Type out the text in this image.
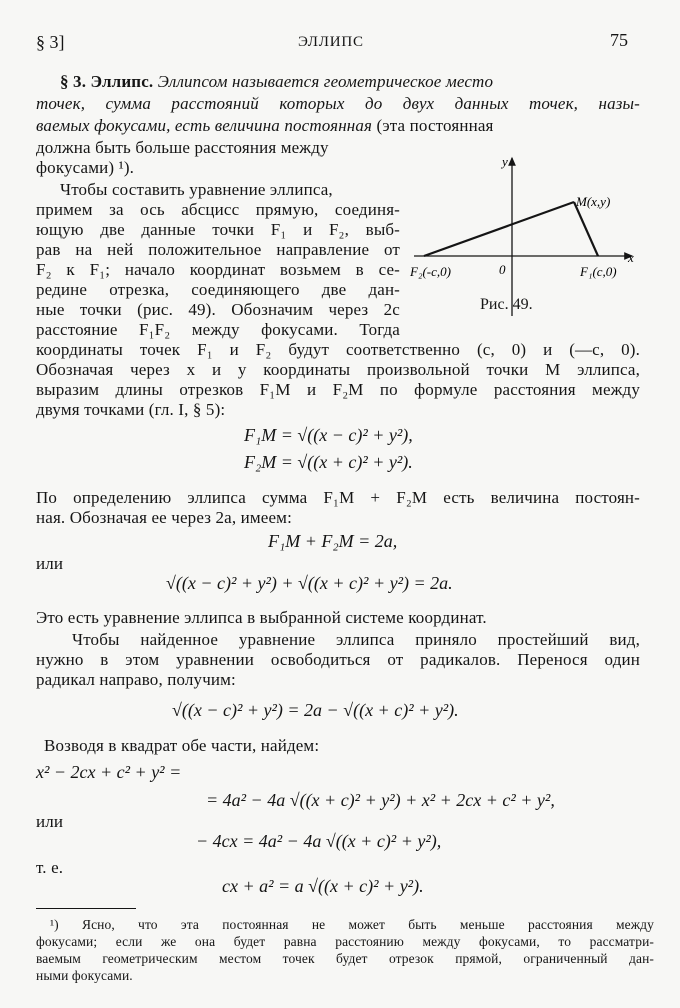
§ 3]	ЭЛЛИПС	75
§ 3. Эллипс. Эллипсом называется геометрическое место
точек, сумма расстояний которых до двух данных точек, назы-
ваемых фокусами, есть величина постоянная (эта постоянная
должна быть больше расстояния между
фокусами) ¹).
Чтобы составить уравнение эллипса,
примем за ось абсцисс прямую, соединя-
ющую две данные точки F₁ и F₂, выб-
рав на ней положительное направление от
F₂ к F₁; начало координат возьмем в се-
редине отрезка, соединяющего две дан-
ные точки (рис. 49). Обозначим через 2c
расстояние F₁F₂ между фокусами. Тогда
y
x
0
M(x,y)
F₁(c,0)
F₂(-c,0)
Рис. 49.
координаты точек F₁ и F₂ будут соответственно (c, 0) и (—c, 0).
Обозначая через x и y координаты произвольной точки M эллипса,
выразим длины отрезков F₁M и F₂M по формуле расстояния между
двумя точками (гл. I, § 5):
F₁M = √((x − c)² + y²),
F₂M = √((x + c)² + y²).
По определению эллипса сумма F₁M + F₂M есть величина постоян-
ная. Обозначая ее через 2a, имеем:
F₁M + F₂M = 2a,
или
√((x − c)² + y²) + √((x + c)² + y²) = 2a.
Это есть уравнение эллипса в выбранной системе координат.
Чтобы найденное уравнение эллипса приняло простейший вид,
нужно в этом уравнении освободиться от радикалов. Перенося один
радикал направо, получим:
√((x − c)² + y²) = 2a − √((x + c)² + y²).
Возводя в квадрат обе части, найдем:
x² − 2cx + c² + y² =
= 4a² − 4a √((x + c)² + y²) + x² + 2cx + c² + y²,
или
− 4cx = 4a² − 4a √((x + c)² + y²),
т. е.
cx + a² = a √((x + c)² + y²).
¹) Ясно, что эта постоянная не может быть меньше расстояния между
фокусами; если же она будет равна расстоянию между фокусами, то рассматри-
ваемым геометрическим местом точек будет отрезок прямой, ограниченный дан-
ными фокусами.
